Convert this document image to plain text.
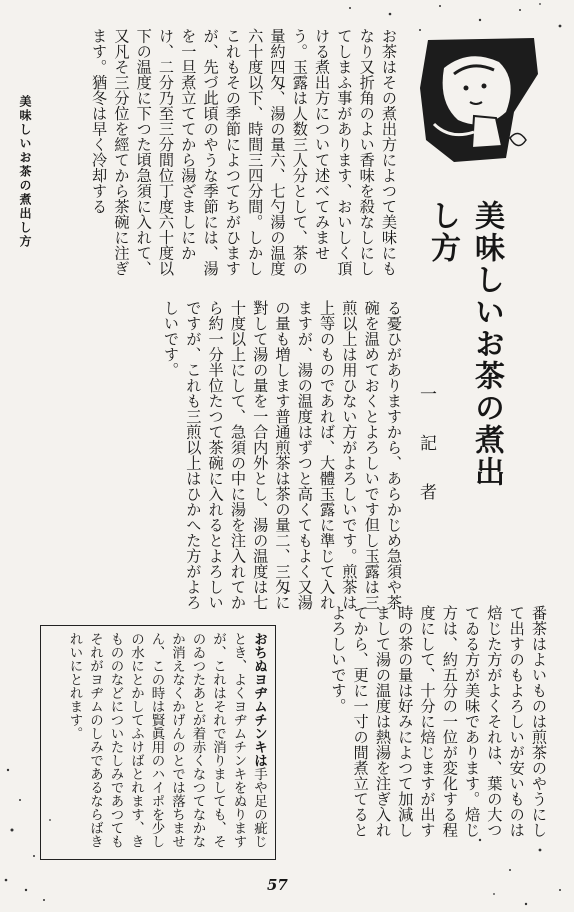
美味しいお茶の煮出し方	お茶はその煮出方によつて美味にもなり又折角のよい香味を殺なしにしてしまふ事があります、おいしく頂ける煮出方について述べてみませう。玉露は人数三人分として、茶の量約四匁、湯の量六、七勺湯の温度六十度以下、時間三四分間。しかしこれもその季節によつてちがひますが、先づ此頃のやうな季節には、湯を一旦煮立ててから湯ざましにかけ、二分乃至三分間位丁度六十度以下の温度に下つた頃急須に入れて、又凡そ三分位を經てから茶碗に注ぎます。猶冬は早く冷却する
美味しいお茶の煮出し方
一記者
る憂ひがありますから、あらかじめ急須や茶碗を温めておくとよろしいです但し玉露は三煎以上は用ひない方がよろしいです。煎茶は上等のものであれば、大體玉露に準じて入れますが、湯の温度はずつと高くてもよく又湯の量も増します普通煎茶は茶の量二、三匁に對して湯の量を一合内外とし、湯の温度は七十度以上にして、急須の中に湯を注入れてから約一分半位たつて茶碗に入れるとよろしいですが、これも三煎以上はひかへた方がよろしいです。
番茶はよいものは煎茶のやうにして出すのもよろしいが安いものは焙じた方がよくそれは、葉の大つてゐる方が美味であります。焙じ方は、約五分の一位が変化する程度にして、十分に焙じますが出す時の茶の量は好みによつて加減しまして湯の温度は熱湯を注ぎ入れてから、更に一寸の間煮立てるとよろしいです。
おちぬヨヂムチンキは手や足の疵じとき、よくヨヂムチンキをぬりますが、これはそれで消りましても、そのゐつたあとが着赤くなつてなかなか消えなくかげんのとでは落ちません、この時は賢眞用のハイポを少しの水にとかしてふけばとれます、きもののなどについたしみであつてもそれがヨヂムのしみであるならばきれいにとれます。
57
